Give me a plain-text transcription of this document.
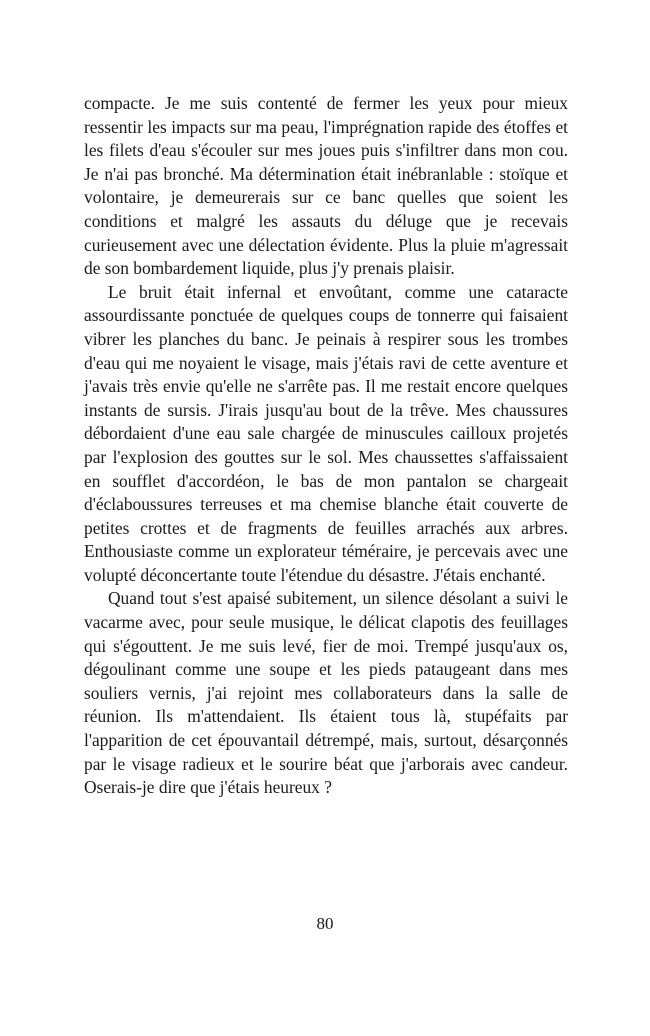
compacte. Je me suis contenté de fermer les yeux pour mieux ressentir les impacts sur ma peau, l'imprégnation rapide des étoffes et les filets d'eau s'écouler sur mes joues puis s'infiltrer dans mon cou. Je n'ai pas bronché. Ma détermination était inébranlable : stoïque et volontaire, je demeurerais sur ce banc quelles que soient les conditions et malgré les assauts du déluge que je recevais curieusement avec une délectation évidente. Plus la pluie m'agressait de son bombardement liquide, plus j'y prenais plaisir.

Le bruit était infernal et envoûtant, comme une cataracte assourdissante ponctuée de quelques coups de tonnerre qui faisaient vibrer les planches du banc. Je peinais à respirer sous les trombes d'eau qui me noyaient le visage, mais j'étais ravi de cette aventure et j'avais très envie qu'elle ne s'arrête pas. Il me restait encore quelques instants de sursis. J'irais jusqu'au bout de la trêve. Mes chaussures débordaient d'une eau sale chargée de minuscules cailloux projetés par l'explosion des gouttes sur le sol. Mes chaussettes s'affaissaient en soufflet d'accordéon, le bas de mon pantalon se chargeait d'éclaboussures terreuses et ma chemise blanche était couverte de petites crottes et de fragments de feuilles arrachés aux arbres. Enthousiaste comme un explorateur téméraire, je percevais avec une volupté déconcertante toute l'étendue du désastre. J'étais enchanté.

Quand tout s'est apaisé subitement, un silence désolant a suivi le vacarme avec, pour seule musique, le délicat clapotis des feuillages qui s'égouttent. Je me suis levé, fier de moi. Trempé jusqu'aux os, dégoulinant comme une soupe et les pieds pataugeant dans mes souliers vernis, j'ai rejoint mes collaborateurs dans la salle de réunion. Ils m'attendaient. Ils étaient tous là, stupéfaits par l'apparition de cet épouvantail détrempé, mais, surtout, désarçonnés par le visage radieux et le sourire béat que j'arborais avec candeur. Oserais-je dire que j'étais heureux ?

80
